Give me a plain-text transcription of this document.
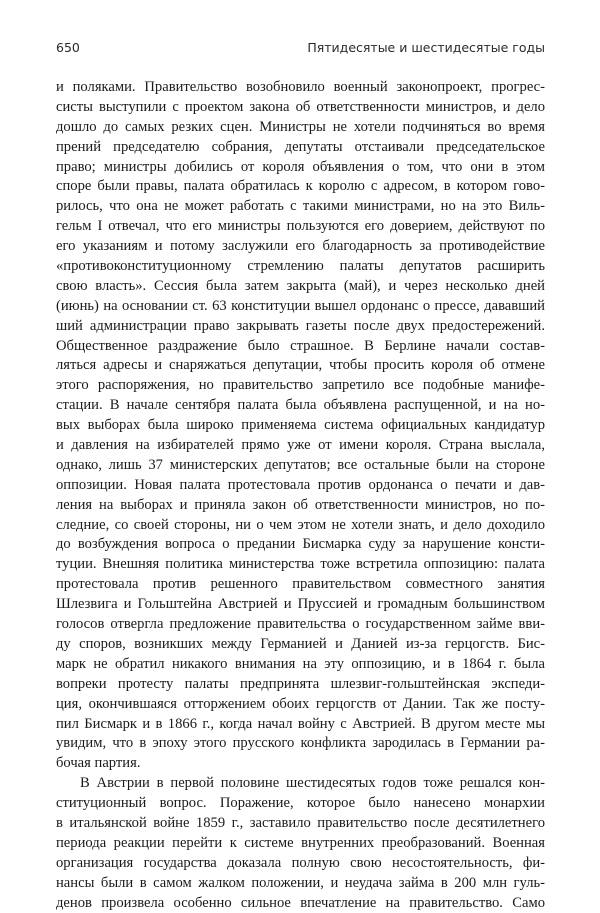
650	Пятидесятые и шестидесятые годы
и поляками. Правительство возобновило военный законопроект, прогрес-
систы выступили с проектом закона об ответственности министров, и дело
дошло до самых резких сцен. Министры не хотели подчиняться во время
прений председателю собрания, депутаты отстаивали председательское
право; министры добились от короля объявления о том, что они в этом
споре были правы, палата обратилась к королю с адресом, в котором гово-
рилось, что она не может работать с такими министрами, но на это Виль-
гельм I отвечал, что его министры пользуются его доверием, действуют по
его указаниям и потому заслужили его благодарность за противодействие
«противоконституционному стремлению палаты депутатов расширить
свою власть». Сессия была затем закрыта (май), и через несколько дней
(июнь) на основании ст. 63 конституции вышел ордонанс о прессе, дававший
ший администрации право закрывать газеты после двух предостережений.
Общественное раздражение было страшное. В Берлине начали состав-
ляться адресы и снаряжаться депутации, чтобы просить короля об отмене
этого распоряжения, но правительство запретило все подобные манифе-
стации. В начале сентября палата была объявлена распущенной, и на но-
вых выборах была широко применяема система официальных кандидатур
и давления на избирателей прямо уже от имени короля. Страна выслала,
однако, лишь 37 министерских депутатов; все остальные были на стороне
оппозиции. Новая палата протестовала против ордонанса о печати и дав-
ления на выборах и приняла закон об ответственности министров, но по-
следние, со своей стороны, ни о чем этом не хотели знать, и дело доходило
до возбуждения вопроса о предании Бисмарка суду за нарушение консти-
туции. Внешняя политика министерства тоже встретила оппозицию: палата
протестовала против решенного правительством совместного занятия
Шлезвига и Гольштейна Австрией и Пруссией и громадным большинством
голосов отвергла предложение правительства о государственном займе вви-
ду споров, возникших между Германией и Данией из-за герцогств. Бис-
марк не обратил никакого внимания на эту оппозицию, и в 1864 г. была
вопреки протесту палаты предпринята шлезвиг-гольштейнская экспеди-
ция, окончившаяся отторжением обоих герцогств от Дании. Так же посту-
пил Бисмарк и в 1866 г., когда начал войну с Австрией. В другом месте мы
увидим, что в эпоху этого прусского конфликта зародилась в Германии ра-
бочая партия.
В Австрии в первой половине шестидесятых годов тоже решался кон-
ституционный вопрос. Поражение, которое было нанесено монархии
в итальянской войне 1859 г., заставило правительство после десятилетнего
периода реакции перейти к системе внутренних преобразований. Военная
организация государства доказала полную свою несостоятельность, фи-
нансы были в самом жалком положении, и неудача займа в 200 млн гуль-
денов произвела особенно сильное впечатление на правительство. Само
